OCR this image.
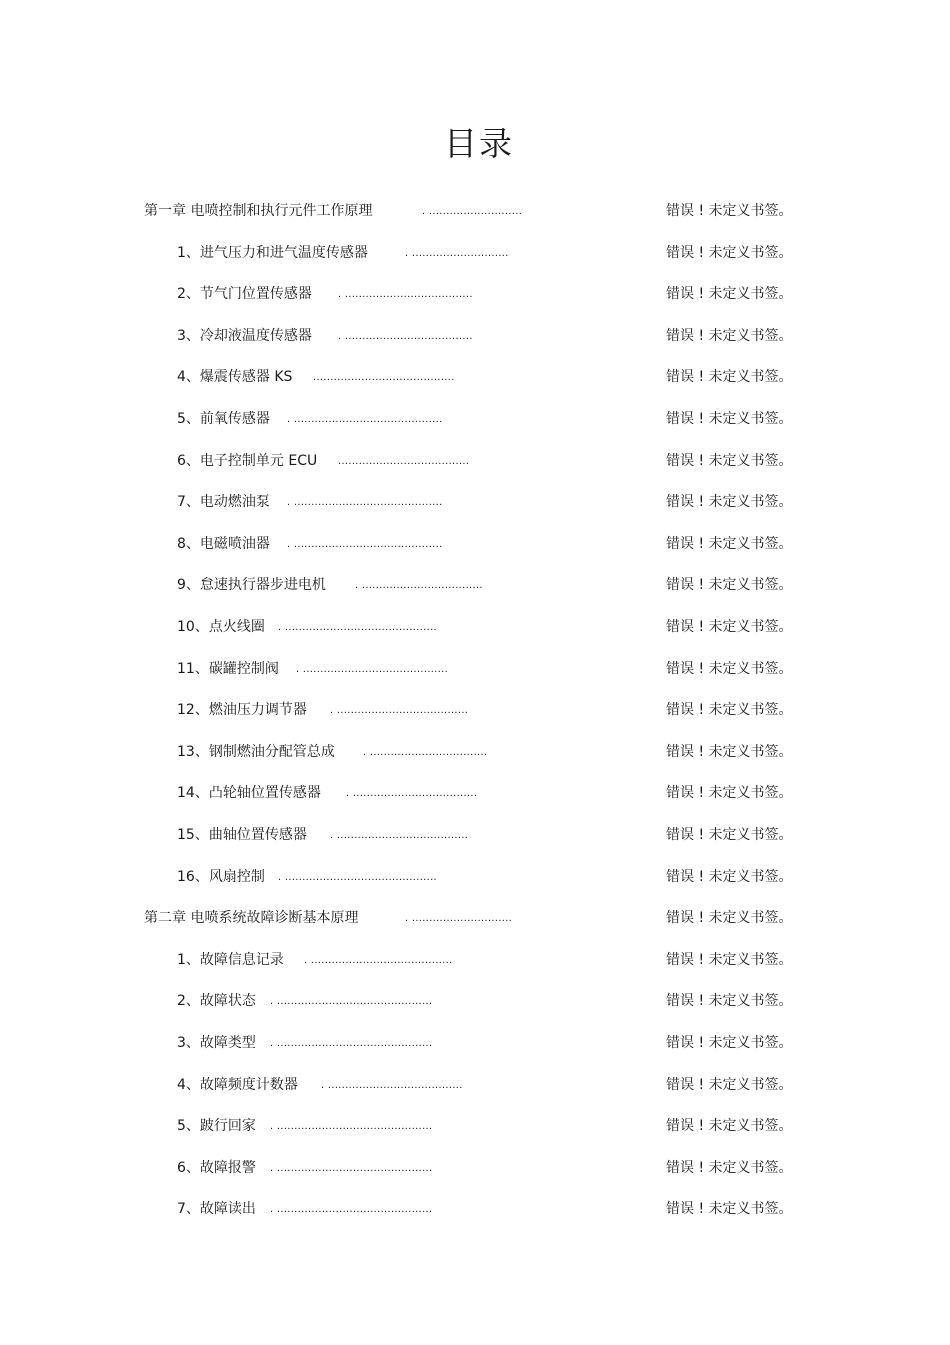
目录
第一章 电喷控制和执行元件工作原理	. ...........................	错误 ! 未定义书签。
1、进气压力和进气温度传感器	. ............................	错误 ! 未定义书签。
2、节气门位置传感器 . .....................................	错误 ! 未定义书签。
3、冷却液温度传感器 . .....................................	错误 ! 未定义书签。
4、爆震传感器 KS .........................................	错误 ! 未定义书签。
5、前氧传感器 . ...........................................	错误 ! 未定义书签。
6、电子控制单元 ECU ......................................	错误 ! 未定义书签。
7、电动燃油泵 . ...........................................	错误 ! 未定义书签。
8、电磁喷油器 . ...........................................	错误 ! 未定义书签。
9、怠速执行器步进电机	. ...................................	错误 ! 未定义书签。
10、点火线圈 . ............................................	错误 ! 未定义书签。
11、碳罐控制阀 . ..........................................	错误 ! 未定义书签。
12、燃油压力调节器 . ......................................	错误 ! 未定义书签。
13、钢制燃油分配管总成	. ..................................	错误 ! 未定义书签。
14、凸轮轴位置传感器 . ....................................	错误 ! 未定义书签。
15、曲轴位置传感器 . ......................................	错误 ! 未定义书签。
16、风扇控制 . ............................................	错误 ! 未定义书签。
第二章 电喷系统故障诊断基本原理	. .............................	错误 ! 未定义书签。
1、故障信息记录 . .........................................	错误 ! 未定义书签。
2、故障状态 . .............................................	错误 ! 未定义书签。
3、故障类型 . .............................................	错误 ! 未定义书签。
4、故障频度计数器 . .......................................	错误 ! 未定义书签。
5、跛行回家 . .............................................	错误 ! 未定义书签。
6、故障报警 . .............................................	错误 ! 未定义书签。
7、故障读出 . .............................................	错误 ! 未定义书签。
